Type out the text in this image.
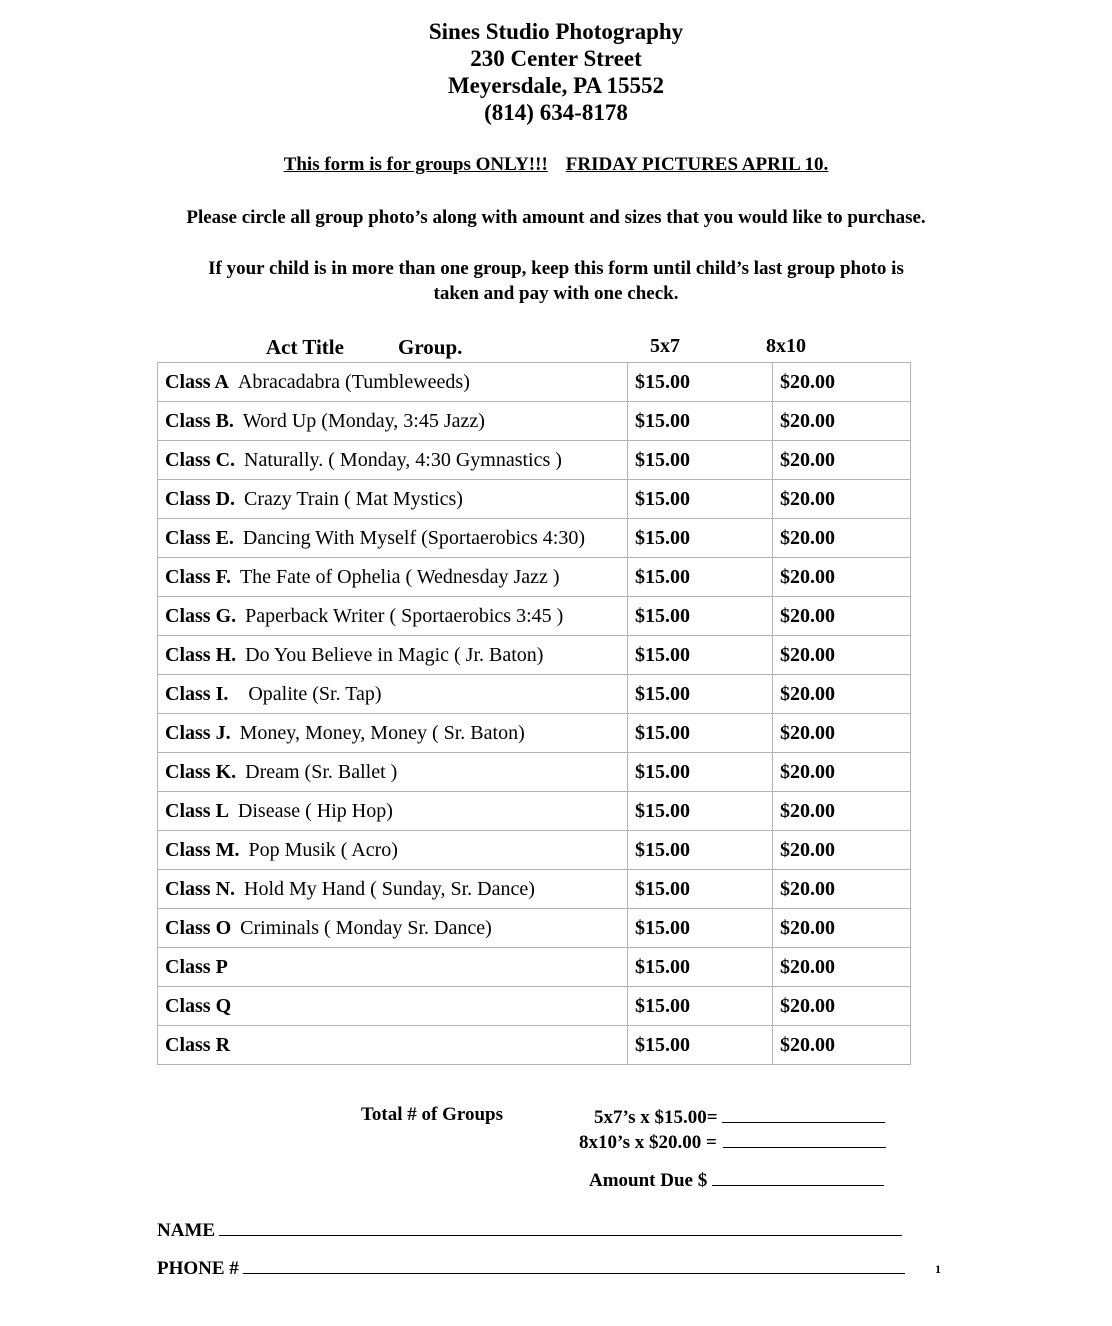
Sines Studio Photography
230 Center Street
Meyersdale, PA 15552
(814) 634-8178
This form is for groups ONLY!!! FRIDAY PICTURES APRIL 10.
Please circle all group photo’s along with amount and sizes that you would like to purchase.
If your child is in more than one group, keep this form until child’s last group photo is
taken and pay with one check.
Act Title	Group.	5x7	8x10
Class A Abracadabra (Tumbleweeds)	$15.00	$20.00
Class B. Word Up (Monday, 3:45 Jazz)	$15.00	$20.00
Class C. Naturally. ( Monday, 4:30 Gymnastics )	$15.00	$20.00
Class D. Crazy Train ( Mat Mystics)	$15.00	$20.00
Class E. Dancing With Myself (Sportaerobics 4:30)	$15.00	$20.00
Class F. The Fate of Ophelia ( Wednesday Jazz )	$15.00	$20.00
Class G. Paperback Writer ( Sportaerobics 3:45 )	$15.00	$20.00
Class H. Do You Believe in Magic ( Jr. Baton)	$15.00	$20.00
Class I. Opalite (Sr. Tap)	$15.00	$20.00
Class J. Money, Money, Money ( Sr. Baton)	$15.00	$20.00
Class K. Dream (Sr. Ballet )	$15.00	$20.00
Class L Disease ( Hip Hop)	$15.00	$20.00
Class M. Pop Musik ( Acro)	$15.00	$20.00
Class N. Hold My Hand ( Sunday, Sr. Dance)	$15.00	$20.00
Class O Criminals ( Monday Sr. Dance)	$15.00	$20.00
Class P	$15.00	$20.00
Class Q	$15.00	$20.00
Class R	$15.00	$20.00
Total # of Groups	5x7’s x $15.00=
8x10’s x $20.00 =
Amount Due $
NAME
PHONE #	1
